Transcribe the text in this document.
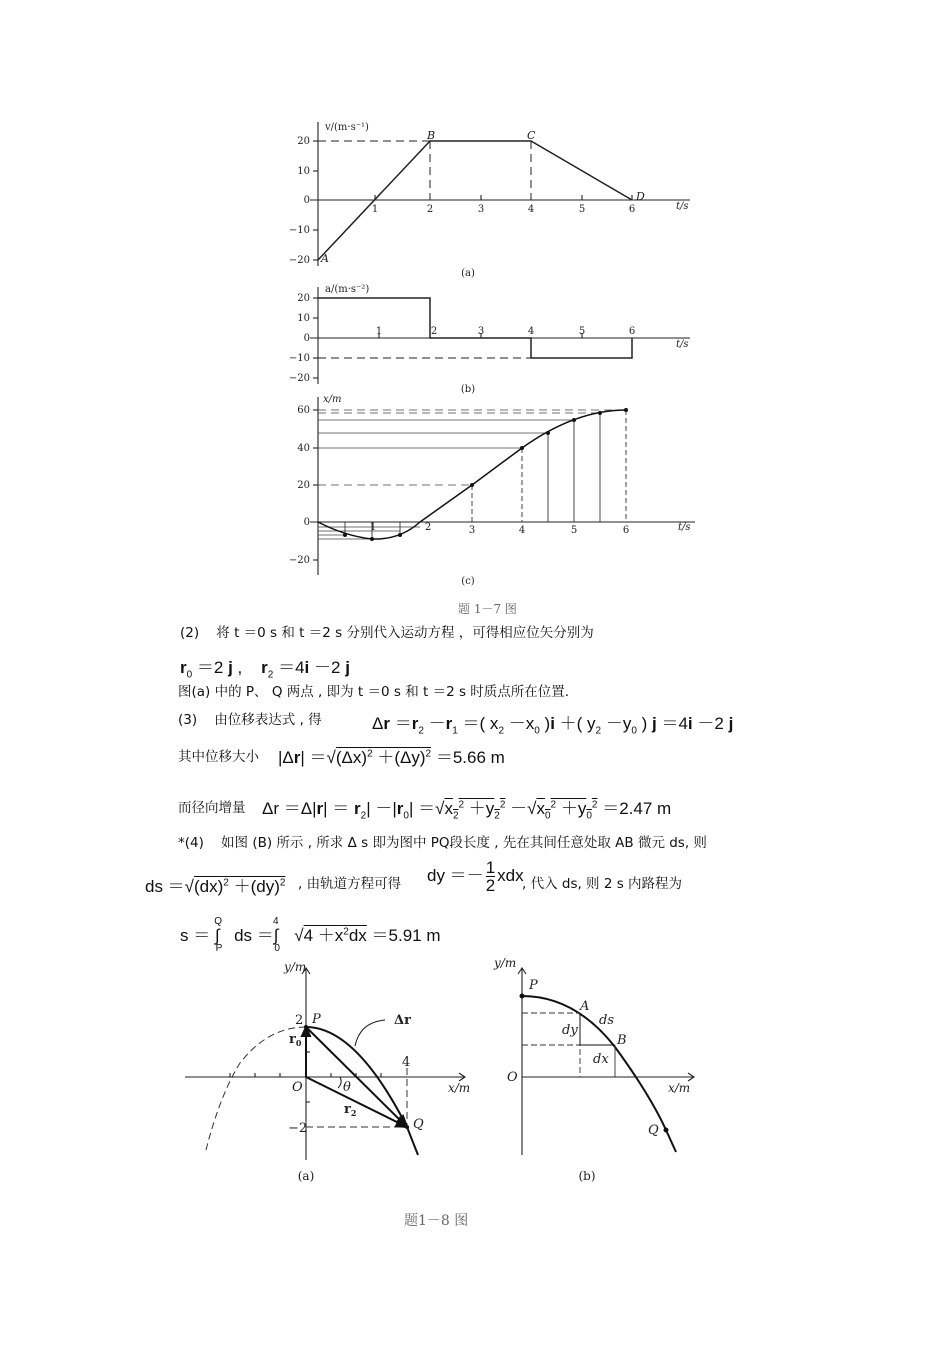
v/(m·s⁻¹)
t/s
20
10
0
−10
−20
1	2	3	4	5	6
A
B	C
D
(a)
a/(m·s⁻²)
t/s
20
10
0
−10
−20
1	2	3	4	5	6
(b)
x/m
t/s
60
40
20
0
−20
1	2	3	4	5	6
(c)
题 1－7 图
(2) 将 t ＝0 s 和 t ＝2 s 分别代入运动方程 ，可得相应位矢分别为
$r_0 =2$ j ,    $r_2 =4i -2$ j
图(a) 中的 P、 Q 两点 , 即为 t ＝0 s 和 t ＝2 s 时质点所在位置.
(3) 由位移表达式 , 得	$\Delta r =r_2 -r_1$ ＝( $x_2 -x_0$ )i ＋( $y_2 -y_0$ ) j ＝4i －2 j
其中位移大小 $|\Delta r| =√(\Delta x)^2 +(\Delta y)^2 =5.66$ m
而径向增量 $\Delta r =\Delta|r| = r_2| -|r_0| =√x_2^2 +y_2^2 -√x_0^2 +y_0^2 =2.47$ m
*(4) 如图 (B) 所示 , 所求 Δ s 即为图中 PQ段长度 , 先在其间任意处取 AB 微元 ds, 则
ds ＝√(dx)$^2$ ＋(dy)$^2$ , 由轨道方程可得 dy ＝－ $\frac{1}{2}$ xdx
, 代入 ds, 则 2 s 内路程为
$s = \int_P^Qds =\int_0^4$ $√4 +x^2dx =5.91$ m
y/m
x/m
P
Q
O
2
4
−2
θ
Δr
$r_0$
$r_2$
(a)
y/m
x/m
P
A
B
Q
O
ds
dy
dx
(b)
题1－8 图
